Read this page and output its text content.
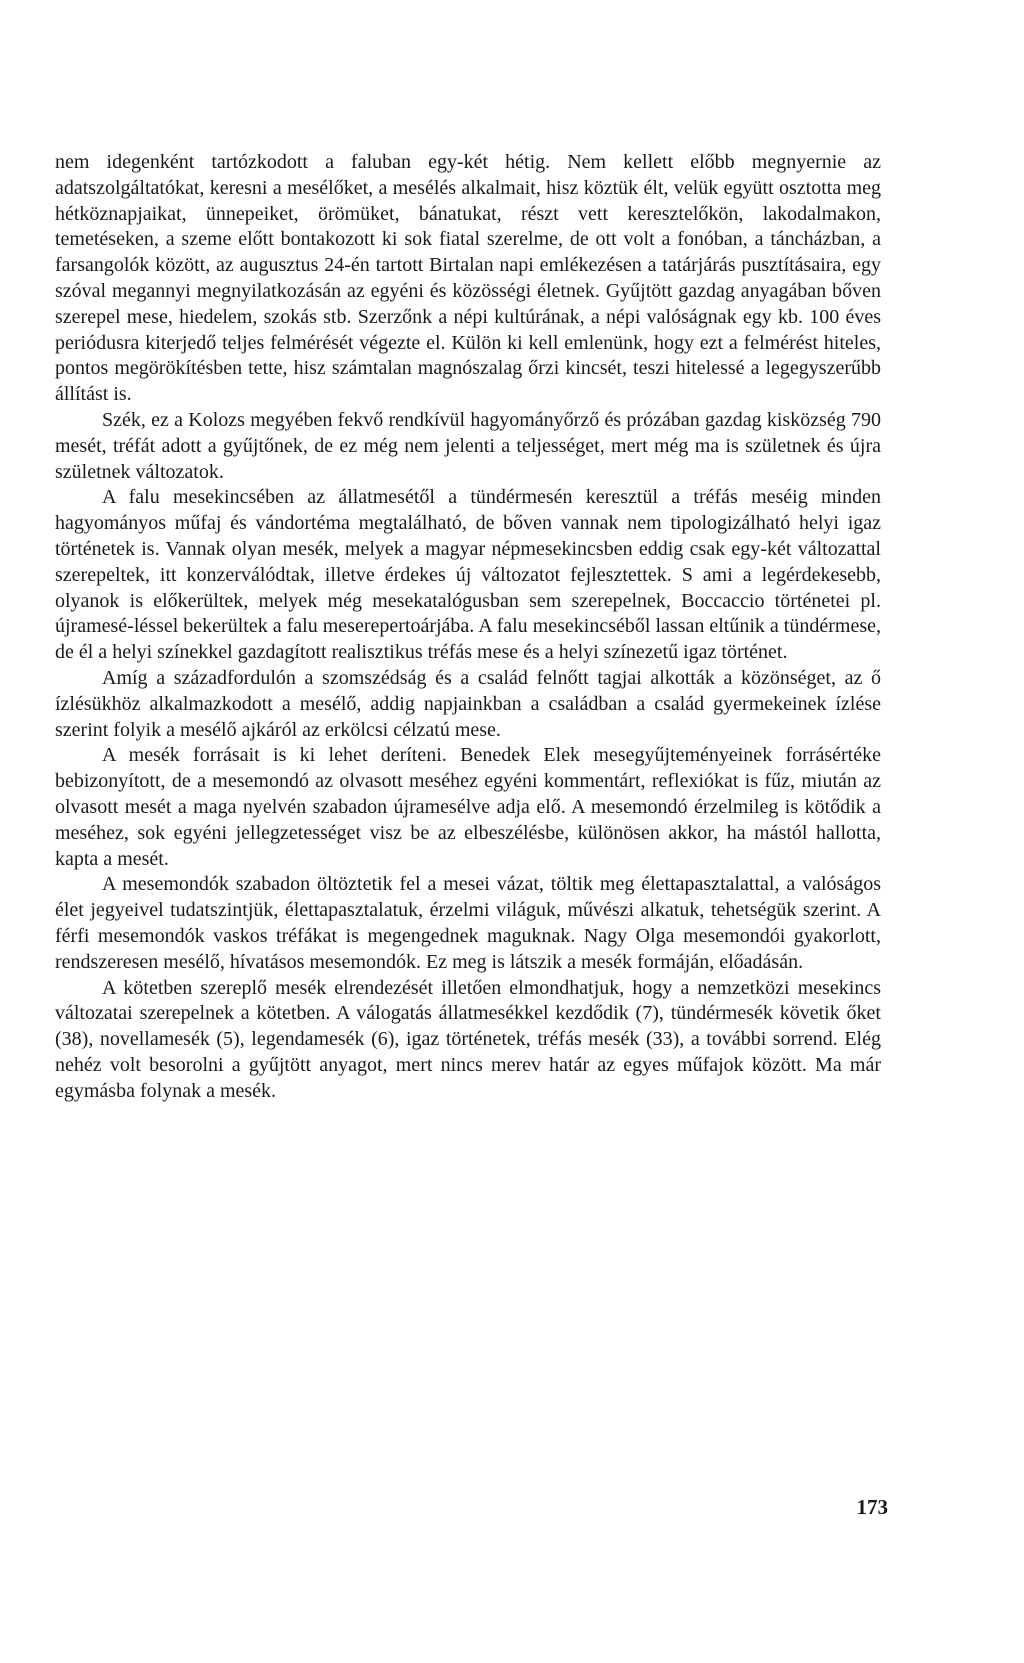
nem idegenként tartózkodott a faluban egy-két hétig. Nem kellett előbb megnyernie az adatszolgáltatókat, keresni a mesélőket, a mesélés alkalmait, hisz köztük élt, velük együtt osztotta meg hétköznapjaikat, ünnepeiket, örömüket, bánatukat, részt vett keresztelőkön, lakodalmakon, temetéseken, a szeme előtt bontakozott ki sok fiatal szerelme, de ott volt a fonóban, a táncházban, a farsangolók között, az augusztus 24-én tartott Birtalan napi emlékezésen a tatárjárás pusztításaira, egy szóval megannyi megnyilatkozásán az egyéni és közösségi életnek. Gyűjtött gazdag anyagában bőven szerepel mese, hiedelem, szokás stb. Szerzőnk a népi kultúrának, a népi valóságnak egy kb. 100 éves periódusra kiterjedő teljes felmérését végezte el. Külön ki kell emlenünk, hogy ezt a felmérést hiteles, pontos megörökítésben tette, hisz számtalan magnószalag őrzi kincsét, teszi hitelessé a legegyszerűbb állítást is.

Szék, ez a Kolozs megyében fekvő rendkívül hagyományőrző és prózában gazdag kisközség 790 mesét, tréfát adott a gyűjtőnek, de ez még nem jelenti a teljességet, mert még ma is születnek és újra születnek változatok.

A falu mesekincsében az állatmesétől a tündérmesén keresztül a tréfás meséig minden hagyományos műfaj és vándortéma megtalálható, de bőven vannak nem tipologizálható helyi igaz történetek is. Vannak olyan mesék, melyek a magyar népmesekincsben eddig csak egy-két változattal szerepeltek, itt konzerválódtak, illetve érdekes új változatot fejlesztettek. S ami a legérdekesebb, olyanok is előkerültek, melyek még mesekatalógusban sem szerepelnek, Boccaccio történetei pl. újramesé-léssel bekerültek a falu meserepertoárjába. A falu mesekincséből lassan eltűnik a tündérmese, de él a helyi színekkel gazdagított realisztikus tréfás mese és a helyi színezetű igaz történet.

Amíg a századfordulón a szomszédság és a család felnőtt tagjai alkották a közönséget, az ő ízlésükhöz alkalmazkodott a mesélő, addig napjainkban a családban a család gyermekeinek ízlése szerint folyik a mesélő ajkáról az erkölcsi célzatú mese.

A mesék forrásait is ki lehet deríteni. Benedek Elek mesegyűjteményeinek forrásértéke bebizonyított, de a mesemondó az olvasott meséhez egyéni kommentárt, reflexiókat is fűz, miután az olvasott mesét a maga nyelvén szabadon újramesélve adja elő. A mesemondó érzelmileg is kötődik a meséhez, sok egyéni jellegzetességet visz be az elbeszélésbe, különösen akkor, ha mástól hallotta, kapta a mesét.

A mesemondók szabadon öltöztetik fel a mesei vázat, töltik meg élettapasztalattal, a valóságos élet jegyeivel tudatszintjük, élettapasztalatuk, érzelmi világuk, művészi alkatuk, tehetségük szerint. A férfi mesemondók vaskos tréfákat is megengednek maguknak. Nagy Olga mesemondói gyakorlott, rendszeresen mesélő, hívatásos mesemondók. Ez meg is látszik a mesék formáján, előadásán.

A kötetben szereplő mesék elrendezését illetően elmondhatjuk, hogy a nemzetközi mesekincs változatai szerepelnek a kötetben. A válogatás állatmesékkel kezdődik (7), tündérmesék követik őket (38), novellamesék (5), legendamesék (6), igaz történetek, tréfás mesék (33), a további sorrend. Elég nehéz volt besorolni a gyűjtött anyagot, mert nincs merev határ az egyes műfajok között. Ma már egymásba folynak a mesék.

173
